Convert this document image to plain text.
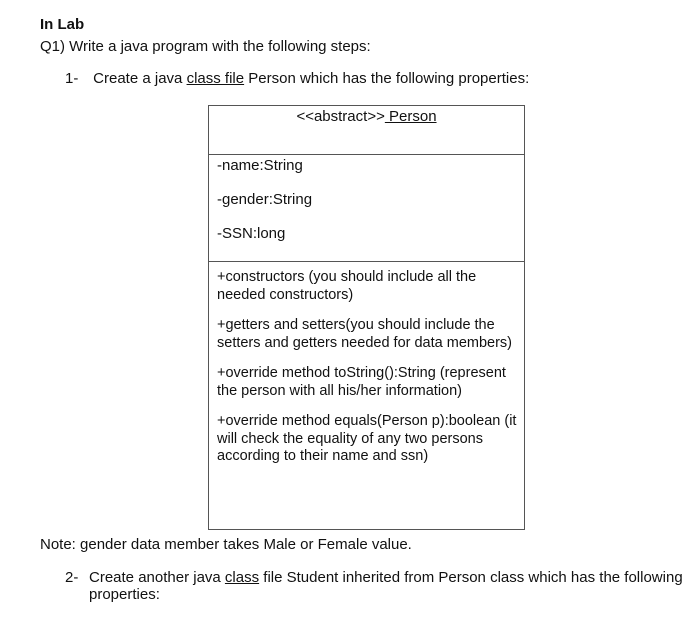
In Lab
Q1) Write a java program with the following steps:
1- Create a java class file Person which has the following properties:
<<abstract>> Person
-name:String
-gender:String
-SSN:long
+constructors (you should include all the needed constructors)
+getters and setters(you should include the setters and getters needed for data members)
+override method toString():String (represent the person with all his/her information)
+override method equals(Person p):boolean (it will check the equality of any two persons according to their name and ssn)
Note: gender data member takes Male or Female value.
2- Create another java class file Student inherited from Person class which has the following properties:
